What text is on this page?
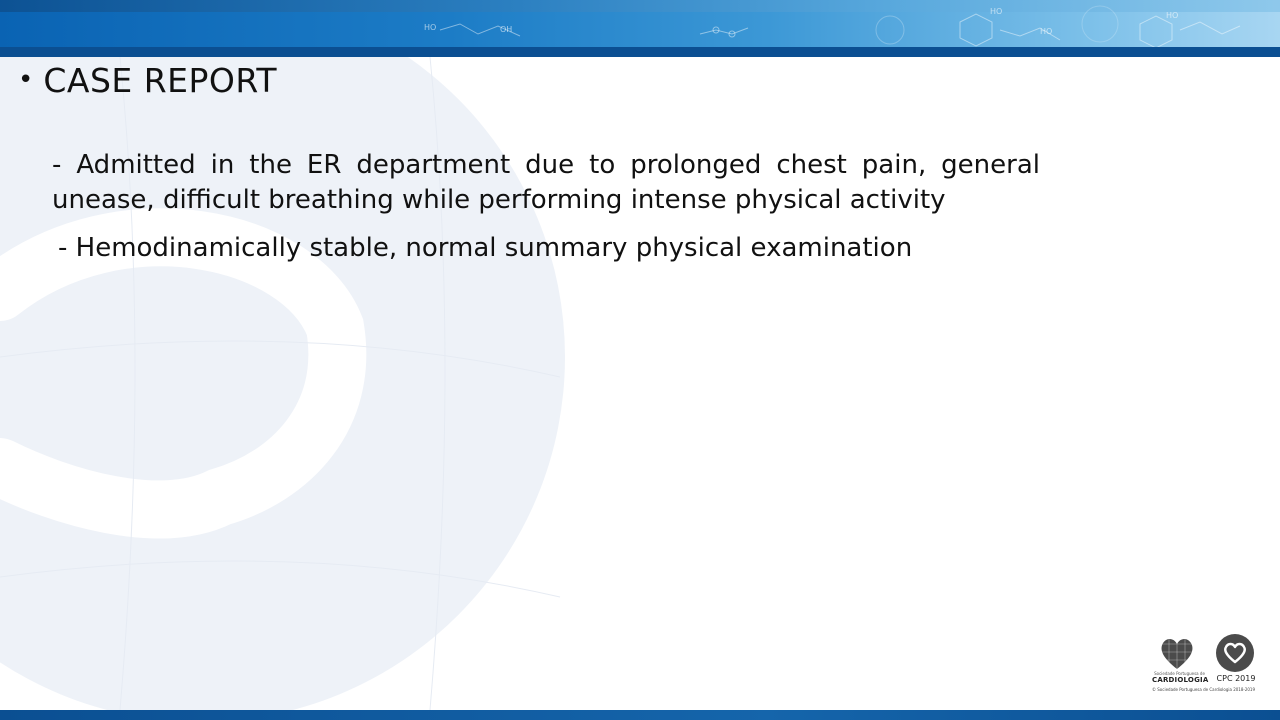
HO	OH
HO
HO
HO
• CASE REPORT
- Admitted in the ER department due to prolonged chest pain, general unease, difficult breathing while performing intense physical activity
- Hemodinamically stable, normal summary physical examination
Sociedade Portuguesa de
CARDIOLOGIA
© Sociedade Portuguesa de Cardiologia 2018-2019
CPC 2019
